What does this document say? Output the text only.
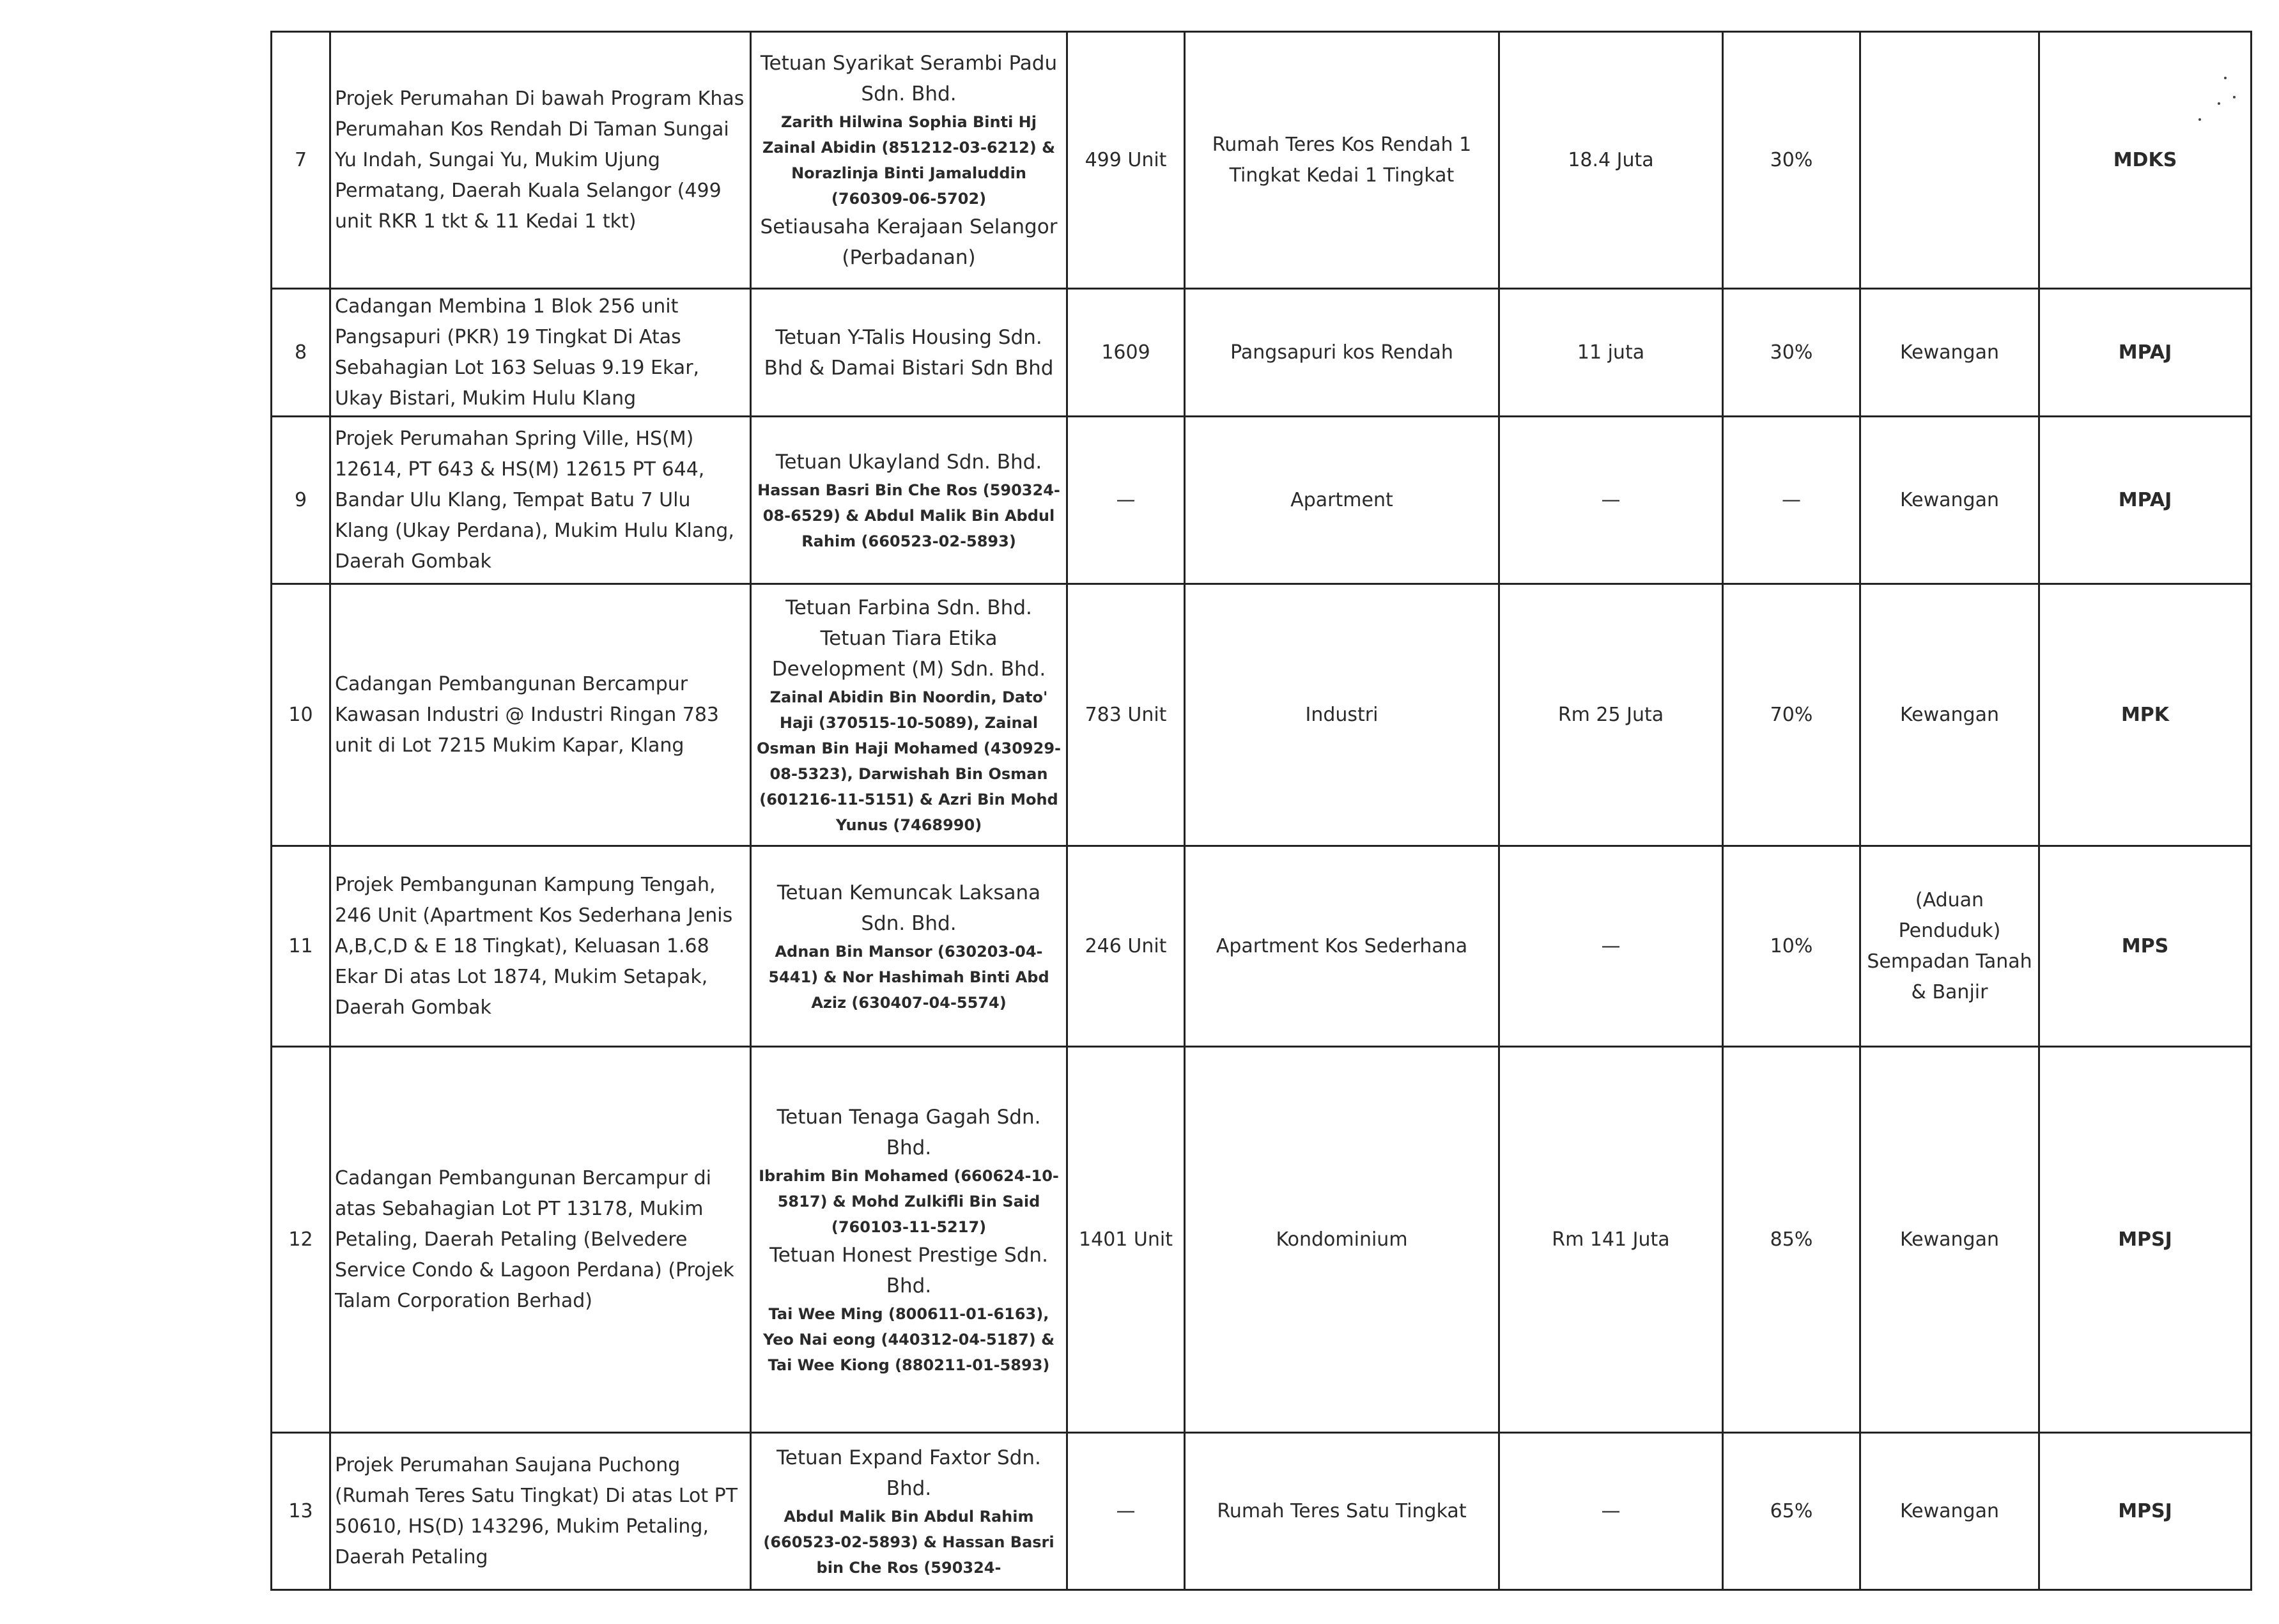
7	Projek Perumahan Di bawah Program Khas Perumahan Kos Rendah Di Taman Sungai Yu Indah, Sungai Yu, Mukim Ujung Permatang, Daerah Kuala Selangor (499 unit RKR 1 tkt & 11 Kedai 1 tkt)	Tetuan Syarikat Serambi Padu Sdn. Bhd.
Zarith Hilwina Sophia Binti Hj Zainal Abidin (851212-03-6212) & Norazlinja Binti Jamaluddin (760309-06-5702)
Setiausaha Kerajaan Selangor (Perbadanan)	499 Unit	Rumah Teres Kos Rendah 1 Tingkat Kedai 1 Tingkat	18.4 Juta	30%		MDKS
8	Cadangan Membina 1 Blok 256 unit Pangsapuri (PKR) 19 Tingkat Di Atas Sebahagian Lot 163 Seluas 9.19 Ekar, Ukay Bistari, Mukim Hulu Klang	Tetuan Y-Talis Housing Sdn. Bhd & Damai Bistari Sdn Bhd	1609	Pangsapuri kos Rendah	11 juta	30%	Kewangan	MPAJ
9	Projek Perumahan Spring Ville, HS(M) 12614, PT 643 & HS(M) 12615 PT 644, Bandar Ulu Klang, Tempat Batu 7 Ulu Klang (Ukay Perdana), Mukim Hulu Klang, Daerah Gombak	Tetuan Ukayland Sdn. Bhd.
Hassan Basri Bin Che Ros (590324-08-6529) & Abdul Malik Bin Abdul Rahim (660523-02-5893)	—	Apartment	—	—	Kewangan	MPAJ
10	Cadangan Pembangunan Bercampur Kawasan Industri @ Industri Ringan 783 unit di Lot 7215 Mukim Kapar, Klang	Tetuan Farbina Sdn. Bhd. Tetuan Tiara Etika Development (M) Sdn. Bhd.
Zainal Abidin Bin Noordin, Dato' Haji (370515-10-5089), Zainal Osman Bin Haji Mohamed (430929-08-5323), Darwishah Bin Osman (601216-11-5151) & Azri Bin Mohd Yunus (7468990)	783 Unit	Industri	Rm 25 Juta	70%	Kewangan	MPK
11	Projek Pembangunan Kampung Tengah, 246 Unit (Apartment Kos Sederhana Jenis A,B,C,D & E 18 Tingkat), Keluasan 1.68 Ekar Di atas Lot 1874, Mukim Setapak, Daerah Gombak	Tetuan Kemuncak Laksana Sdn. Bhd.
Adnan Bin Mansor (630203-04-5441) & Nor Hashimah Binti Abd Aziz (630407-04-5574)	246 Unit	Apartment Kos Sederhana	—	10%	(Aduan Penduduk) Sempadan Tanah & Banjir	MPS
12	Cadangan Pembangunan Bercampur di atas Sebahagian Lot PT 13178, Mukim Petaling, Daerah Petaling (Belvedere Service Condo & Lagoon Perdana) (Projek Talam Corporation Berhad)	Tetuan Tenaga Gagah Sdn. Bhd.
Ibrahim Bin Mohamed (660624-10-5817) & Mohd Zulkifli Bin Said (760103-11-5217)
Tetuan Honest Prestige Sdn. Bhd.
Tai Wee Ming (800611-01-6163), Yeo Nai eong (440312-04-5187) & Tai Wee Kiong (880211-01-5893)	1401 Unit	Kondominium	Rm 141 Juta	85%	Kewangan	MPSJ
13	Projek Perumahan Saujana Puchong (Rumah Teres Satu Tingkat) Di atas Lot PT 50610, HS(D) 143296, Mukim Petaling, Daerah Petaling	Tetuan Expand Faxtor Sdn. Bhd.
Abdul Malik Bin Abdul Rahim (660523-02-5893) & Hassan Basri bin Che Ros (590324-	—	Rumah Teres Satu Tingkat	—	65%	Kewangan	MPSJ
